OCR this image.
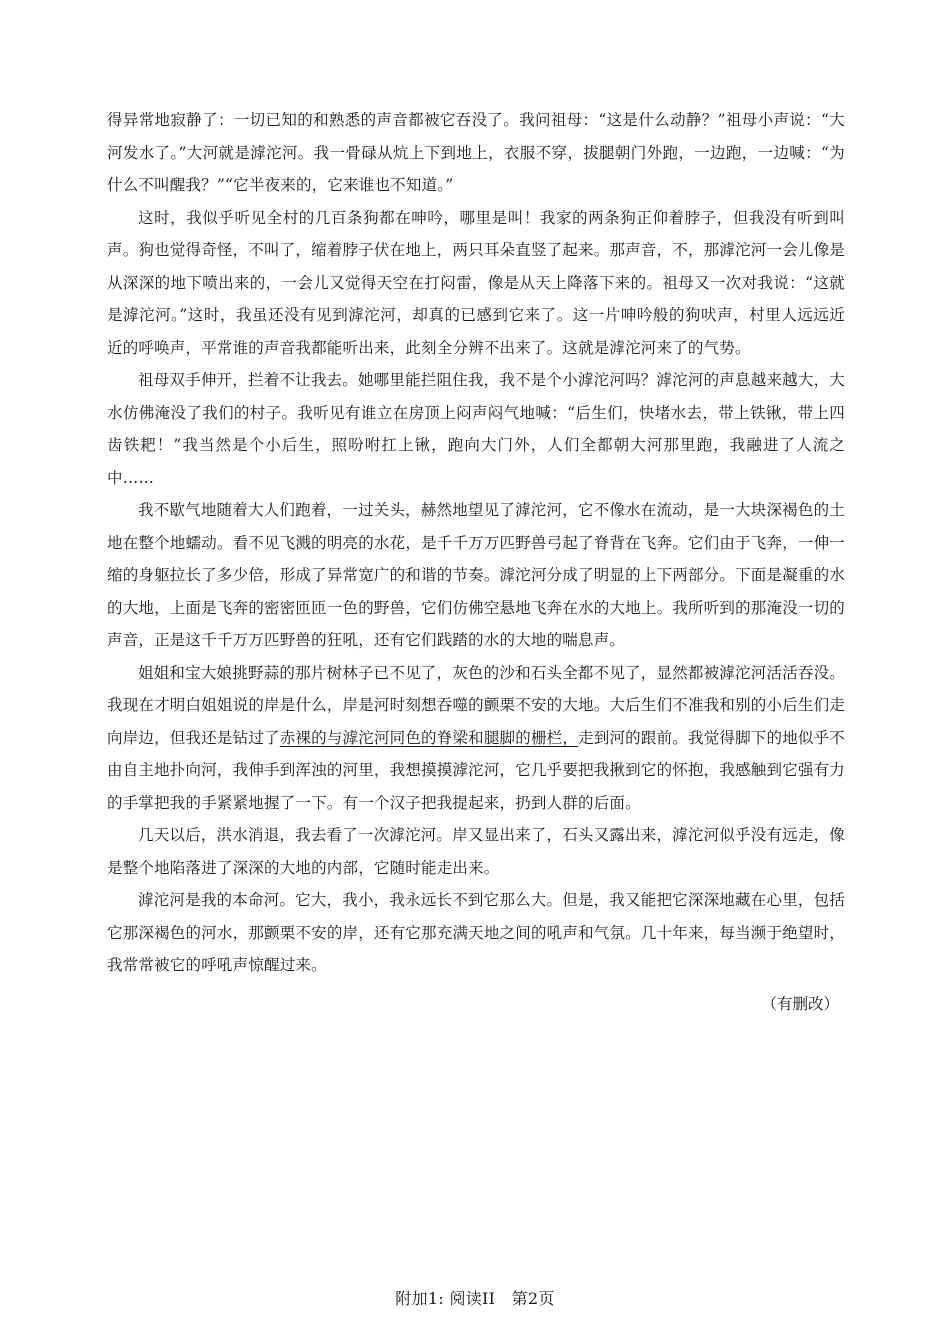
得异常地寂静了：一切已知的和熟悉的声音都被它吞没了。我问祖母：“这是什么动静？”祖母小声说：“大河发水了。”大河就是滹沱河。我一骨碌从炕上下到地上，衣服不穿，拔腿朝门外跑，一边跑，一边喊：“为什么不叫醒我？”“它半夜来的，它来谁也不知道。”

这时，我似乎听见全村的几百条狗都在呻吟，哪里是叫！我家的两条狗正仰着脖子，但我没有听到叫声。狗也觉得奇怪，不叫了，缩着脖子伏在地上，两只耳朵直竖了起来。那声音，不，那滹沱河一会儿像是从深深的地下喷出来的，一会儿又觉得天空在打闷雷，像是从天上降落下来的。祖母又一次对我说：“这就是滹沱河。”这时，我虽还没有见到滹沱河，却真的已感到它来了。这一片呻吟般的狗吠声，村里人远远近近的呼唤声，平常谁的声音我都能听出来，此刻全分辨不出来了。这就是滹沱河来了的气势。

祖母双手伸开，拦着不让我去。她哪里能拦阻住我，我不是个小滹沱河吗？滹沱河的声息越来越大，大水仿佛淹没了我们的村子。我听见有谁立在房顶上闷声闷气地喊：“后生们，快堵水去，带上铁锹，带上四齿铁耙！”我当然是个小后生，照吩咐扛上锹，跑向大门外，人们全都朝大河那里跑，我融进了人流之中……

我不歇气地随着大人们跑着，一过关头，赫然地望见了滹沱河，它不像水在流动，是一大块深褐色的土地在整个地蠕动。看不见飞溅的明亮的水花，是千千万万匹野兽弓起了脊背在飞奔。它们由于飞奔，一伸一缩的身躯拉长了多少倍，形成了异常宽广的和谐的节奏。滹沱河分成了明显的上下两部分。下面是凝重的水的大地，上面是飞奔的密密匝匝一色的野兽，它们仿佛空悬地飞奔在水的大地上。我所听到的那淹没一切的声音，正是这千千万万匹野兽的狂吼，还有它们践踏的水的大地的喘息声。

姐姐和宝大娘挑野蒜的那片树林子已不见了，灰色的沙和石头全都不见了，显然都被滹沱河活活吞没。我现在才明白姐姐说的岸是什么，岸是河时刻想吞噬的颤栗不安的大地。大后生们不准我和别的小后生们走向岸边，但我还是钻过了赤裸的与滹沱河同色的脊梁和腿脚的栅栏，走到河的跟前。我觉得脚下的地似乎不由自主地扑向河，我伸手到浑浊的河里，我想摸摸滹沱河，它几乎要把我揪到它的怀抱，我感触到它强有力的手掌把我的手紧紧地握了一下。有一个汉子把我提起来，扔到人群的后面。

几天以后，洪水消退，我去看了一次滹沱河。岸又显出来了，石头又露出来，滹沱河似乎没有远走，像是整个地陷落进了深深的大地的内部，它随时能走出来。

滹沱河是我的本命河。它大，我小，我永远长不到它那么大。但是，我又能把它深深地藏在心里，包括它那深褐色的河水，那颤栗不安的岸，还有它那充满天地之间的吼声和气氛。几十年来，每当濒于绝望时，我常常被它的呼吼声惊醒过来。

（有删改）

附加1: 阅读II　第2页
